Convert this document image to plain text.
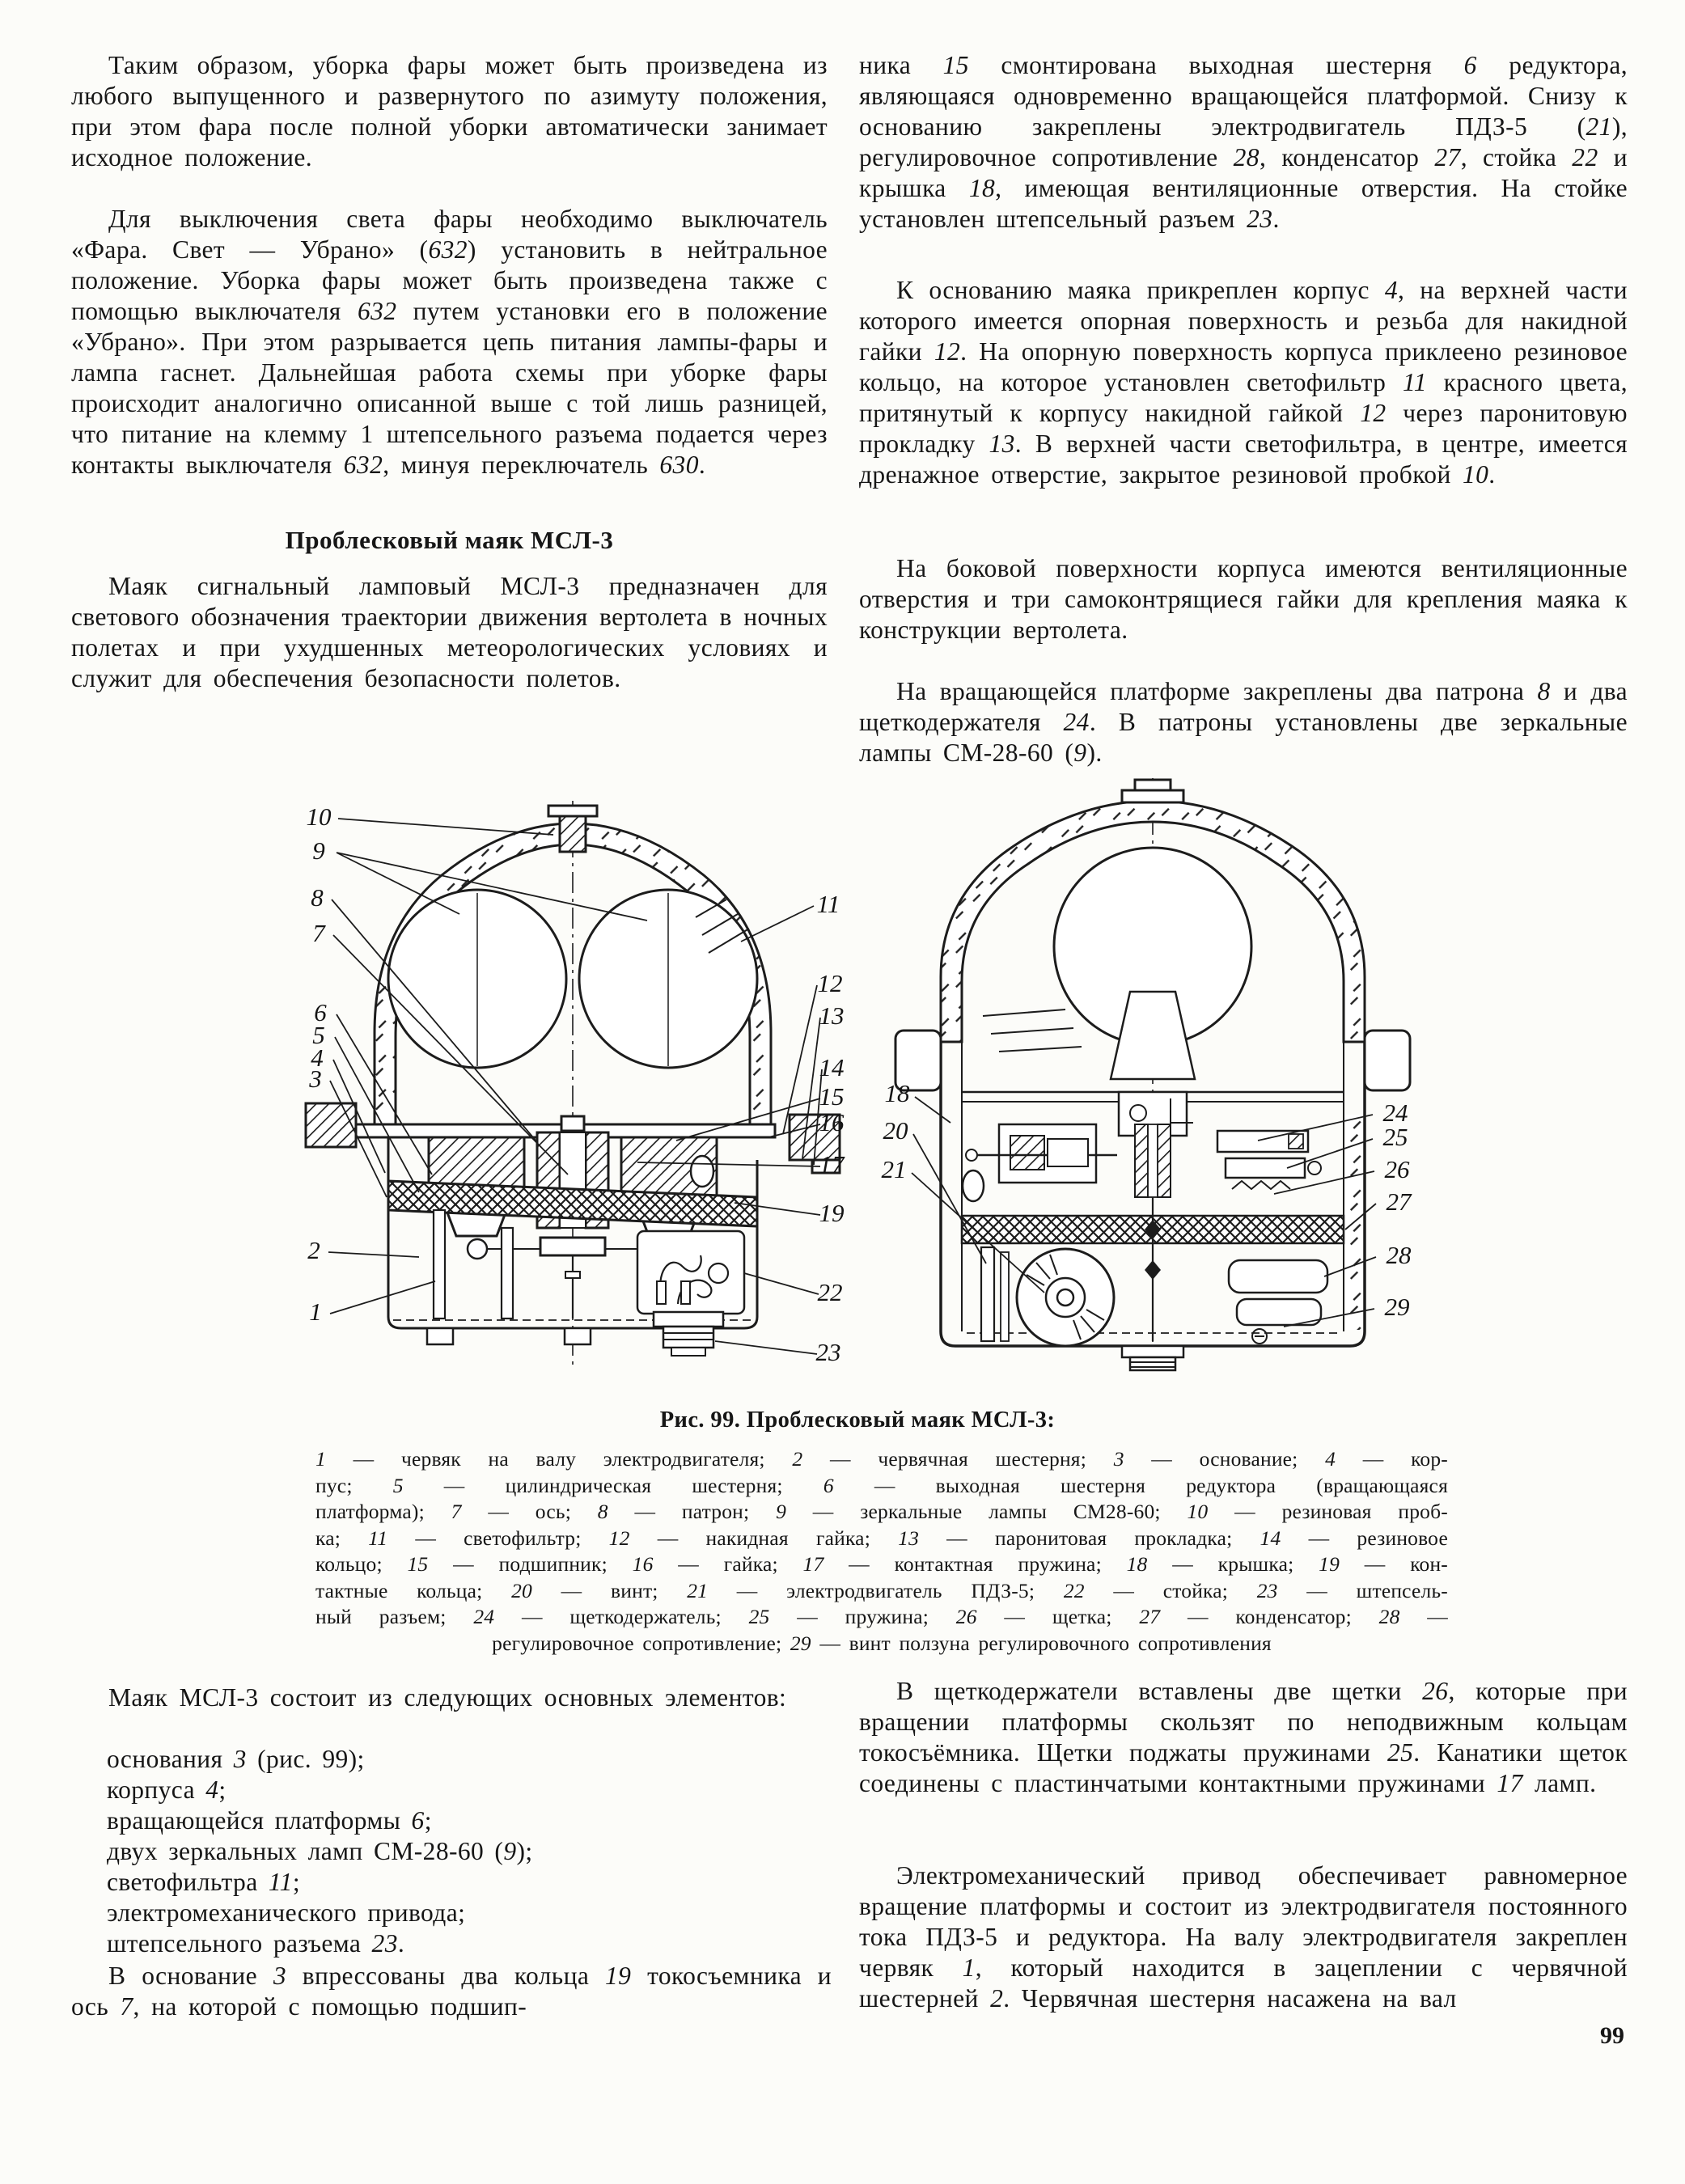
Таким образом, уборка фары может быть произведена из любого выпущенного и развернутого по азимуту положения, при этом фара после полной уборки автоматически занимает исходное положение.
Для выключения света фары необходимо выключатель «Фара. Свет — Убрано» (632) установить в нейтральное положение. Уборка фары может быть произведена также с помощью выключателя 632 путем установки его в положение «Убрано». При этом разрывается цепь питания лампы-фары и лампа гаснет. Дальнейшая работа схемы при уборке фары происходит аналогично описанной выше с той лишь разницей, что питание на клемму 1 штепсельного разъема подается через контакты выключателя 632, минуя переключатель 630.
Проблесковый маяк МСЛ-3
Маяк сигнальный ламповый МСЛ-3 предназначен для светового обозначения траектории движения вертолета в ночных полетах и при ухудшенных метеорологических условиях и служит для обеспечения безопасности полетов.
ника 15 смонтирована выходная шестерня 6 редуктора, являющаяся одновременно вращающейся платформой. Снизу к основанию закреплены электродвигатель ПДЗ-5 (21), регулировочное сопротивление 28, конденсатор 27, стойка 22 и крышка 18, имеющая вентиляционные отверстия. На стойке установлен штепсельный разъем 23.
К основанию маяка прикреплен корпус 4, на верхней части которого имеется опорная поверхность и резьба для накидной гайки 12. На опорную поверхность корпуса приклеено резиновое кольцо, на которое установлен светофильтр 11 красного цвета, притянутый к корпусу накидной гайкой 12 через паронитовую прокладку 13. В верхней части светофильтра, в центре, имеется дренажное отверстие, закрытое резиновой пробкой 10.
На боковой поверхности корпуса имеются вентиляционные отверстия и три самоконтрящиеся гайки для крепления маяка к конструкции вертолета.
На вращающейся платформе закреплены два патрона 8 и два щеткодержателя 24. В патроны установлены две зеркальные лампы СМ-28-60 (9).
10
9
8
7
6
5
4
3
2
1
11
12
13
14
15
16
17
19
22
23
18
20
21
24
25
26
27
28
29
Рис. 99. Проблесковый маяк МСЛ-3:
1 — червяк на валу электродвигателя; 2 — червячная шестерня; 3 — основание; 4 — кор-
пус; 5 — цилиндрическая шестерня; 6 — выходная шестерня редуктора (вращающаяся
платформа); 7 — ось; 8 — патрон; 9 — зеркальные лампы СМ28-60; 10 — резиновая проб-
ка; 11 — светофильтр; 12 — накидная гайка; 13 — паронитовая прокладка; 14 — резиновое
кольцо; 15 — подшипник; 16 — гайка; 17 — контактная пружина; 18 — крышка; 19 — кон-
тактные кольца; 20 — винт; 21 — электродвигатель ПДЗ-5; 22 — стойка; 23 — штепсель-
ный разъем; 24 — щеткодержатель; 25 — пружина; 26 — щетка; 27 — конденсатор; 28 —
регулировочное сопротивление; 29 — винт ползуна регулировочного сопротивления
Маяк МСЛ-3 состоит из следующих основных элементов:
основания 3 (рис. 99);
корпуса 4;
вращающейся платформы 6;
двух зеркальных ламп СМ-28-60 (9);
светофильтра 11;
электромеханического привода;
штепсельного разъема 23.
В основание 3 впрессованы два кольца 19 токосъемника и ось 7, на которой с помощью подшип-
В щеткодержатели вставлены две щетки 26, которые при вращении платформы скользят по неподвижным кольцам токосъёмника. Щетки поджаты пружинами 25. Канатики щеток соединены с пластинчатыми контактными пружинами 17 ламп.
Электромеханический привод обеспечивает равномерное вращение платформы и состоит из электродвигателя постоянного тока ПДЗ-5 и редуктора. На валу электродвигателя закреплен червяк 1, который находится в зацеплении с червячной шестерней 2. Червячная шестерня насажена на вал
99
